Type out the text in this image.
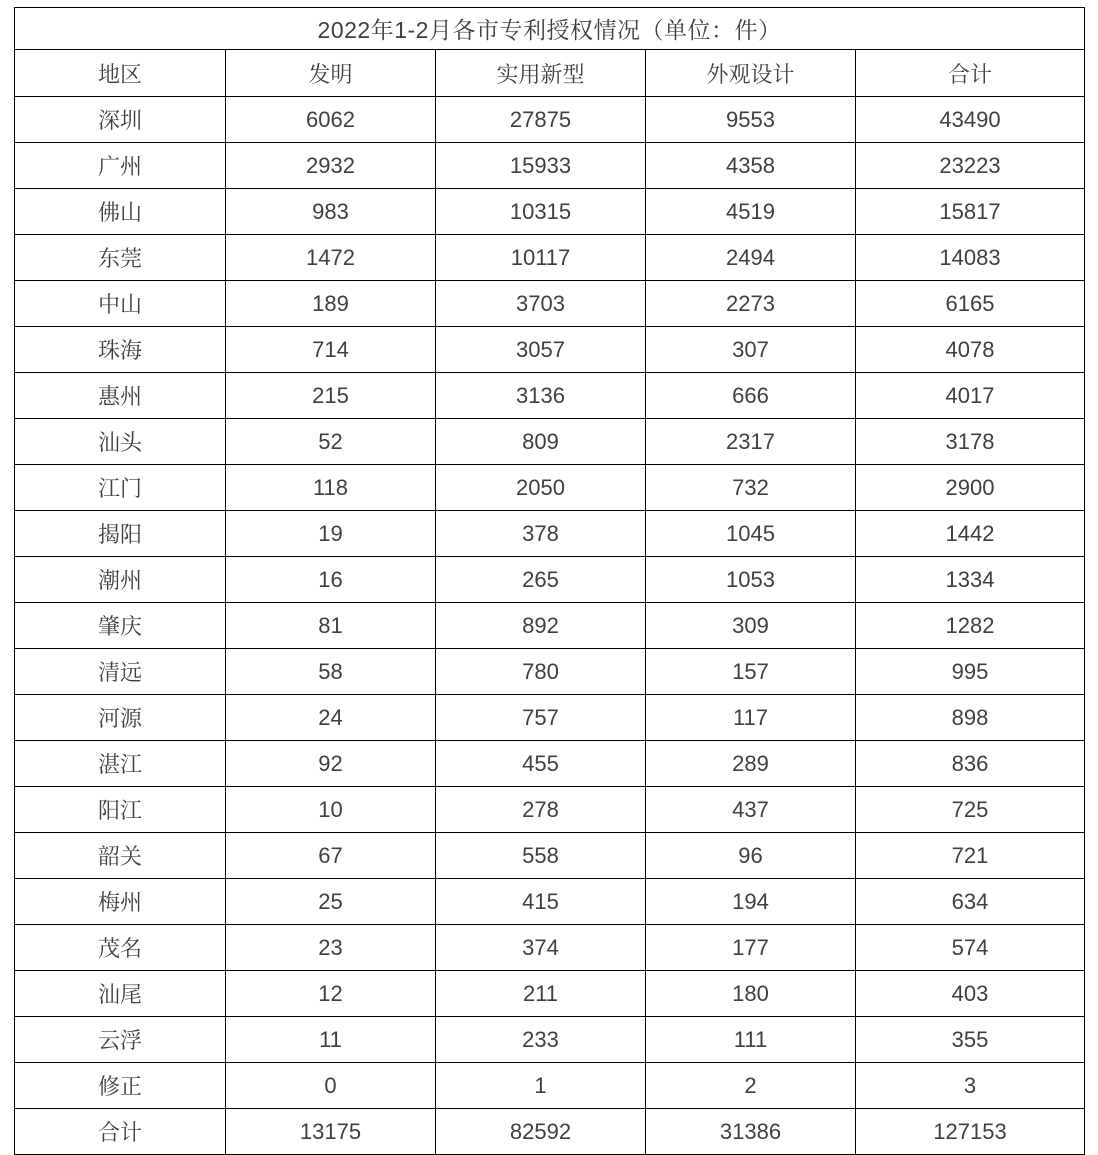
2022年1-2月各市专利授权情况（单位：件）				
地区	发明	实用新型	外观设计	合计
深圳	6062	27875	9553	43490
广州	2932	15933	4358	23223
佛山	983	10315	4519	15817
东莞	1472	10117	2494	14083
中山	189	3703	2273	6165
珠海	714	3057	307	4078
惠州	215	3136	666	4017
汕头	52	809	2317	3178
江门	118	2050	732	2900
揭阳	19	378	1045	1442
潮州	16	265	1053	1334
肇庆	81	892	309	1282
清远	58	780	157	995
河源	24	757	117	898
湛江	92	455	289	836
阳江	10	278	437	725
韶关	67	558	96	721
梅州	25	415	194	634
茂名	23	374	177	574
汕尾	12	211	180	403
云浮	11	233	111	355
修正	0	1	2	3
合计	13175	82592	31386	127153
